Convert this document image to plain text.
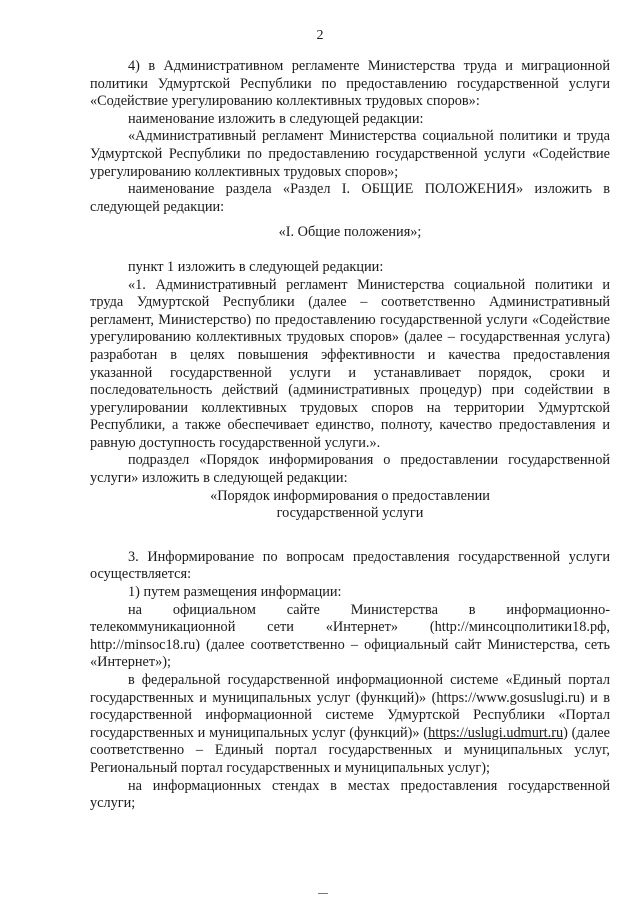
2

4) в Административном регламенте Министерства труда и миграционной политики Удмуртской Республики по предоставлению государственной услуги «Содействие урегулированию коллективных трудовых споров»:

наименование изложить в следующей редакции:

«Административный регламент Министерства социальной политики и труда Удмуртской Республики по предоставлению государственной услуги «Содействие урегулированию коллективных трудовых споров»;

наименование раздела «Раздел I. ОБЩИЕ ПОЛОЖЕНИЯ» изложить в следующей редакции:

«I. Общие положения»;

пункт 1 изложить в следующей редакции:

«1. Административный регламент Министерства социальной политики и труда Удмуртской Республики (далее – соответственно Административный регламент, Министерство) по предоставлению государственной услуги «Содействие урегулированию коллективных трудовых споров» (далее – государственная услуга) разработан в целях повышения эффективности и качества предоставления указанной государственной услуги и устанавливает порядок, сроки и последовательность действий (административных процедур) при содействии в урегулировании коллективных трудовых споров на территории Удмуртской Республики, а также обеспечивает единство, полноту, качество предоставления и равную доступность государственной услуги.».

подраздел «Порядок информирования о предоставлении государственной услуги» изложить в следующей редакции:

«Порядок информирования о предоставлении

государственной услуги

3. Информирование по вопросам предоставления государственной услуги осуществляется:

1) путем размещения информации:

на официальном сайте Министерства в информационно-телекоммуникационной сети «Интернет» (http://минсоцполитики18.рф, http://minsoc18.ru) (далее соответственно – официальный сайт Министерства, сеть «Интернет»);

в федеральной государственной информационной системе «Единый портал государственных и муниципальных услуг (функций)» (https://www.gosuslugi.ru) и в государственной информационной системе Удмуртской Республики «Портал государственных и муниципальных услуг (функций)» (https://uslugi.udmurt.ru) (далее соответственно – Единый портал государственных и муниципальных услуг, Региональный портал государственных и муниципальных услуг);

на информационных стендах в местах предоставления государственной услуги;
